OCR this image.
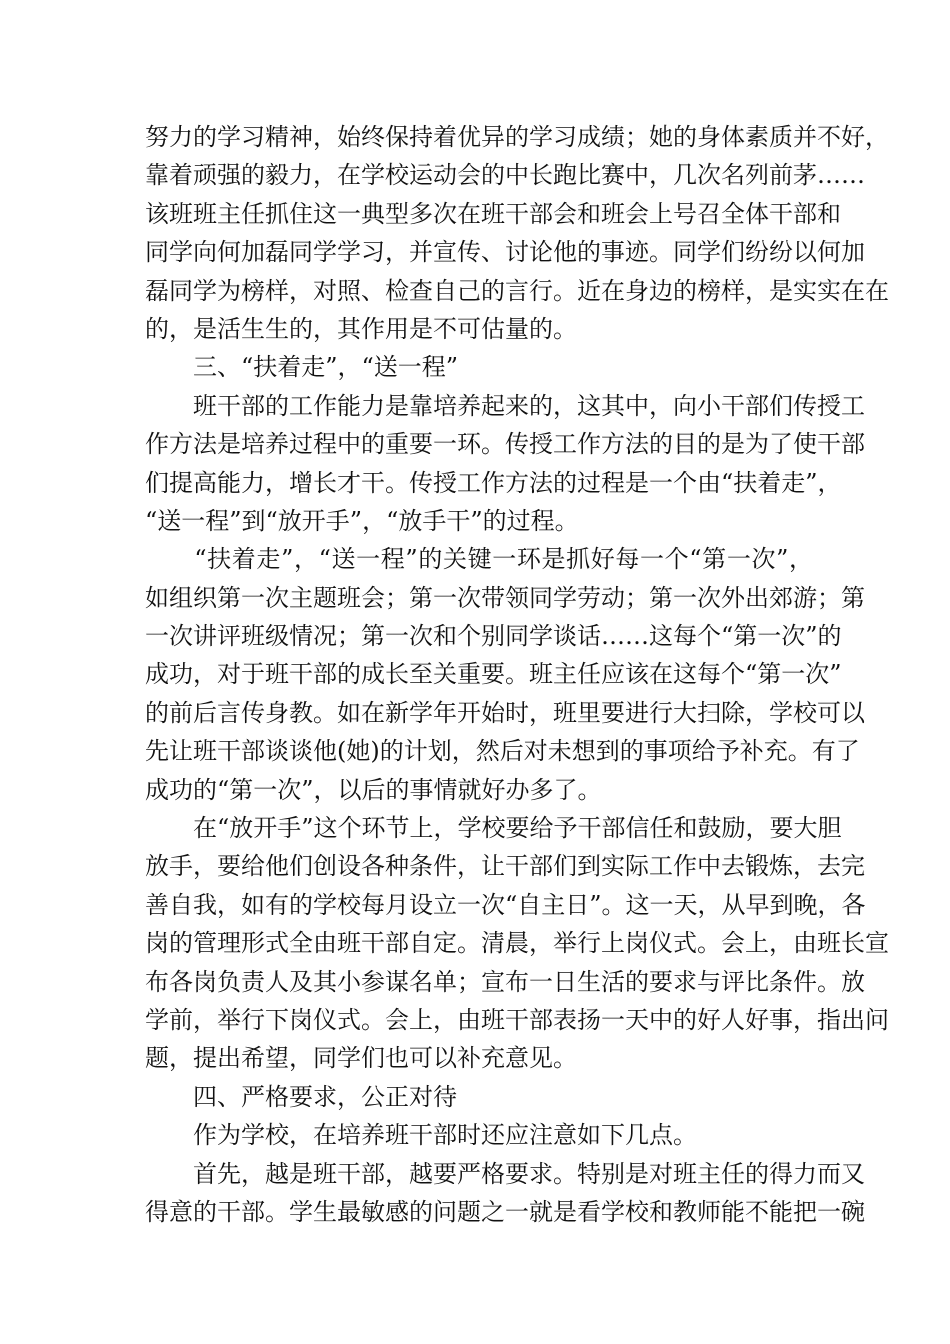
努力的学习精神，始终保持着优异的学习成绩；她的身体素质并不好，
靠着顽强的毅力，在学校运动会的中长跑比赛中，几次名列前茅……
该班班主任抓住这一典型多次在班干部会和班会上号召全体干部和
同学向何加磊同学学习，并宣传、讨论他的事迹。同学们纷纷以何加
磊同学为榜样，对照、检查自己的言行。近在身边的榜样，是实实在在
的，是活生生的，其作用是不可估量的。
　　三、“扶着走”，“送一程”
　　班干部的工作能力是靠培养起来的，这其中，向小干部们传授工
作方法是培养过程中的重要一环。传授工作方法的目的是为了使干部
们提高能力，增长才干。传授工作方法的过程是一个由“扶着走”，
“送一程”到“放开手”，“放手干”的过程。
　　“扶着走”，“送一程”的关键一环是抓好每一个“第一次”，
如组织第一次主题班会；第一次带领同学劳动；第一次外出郊游；第
一次讲评班级情况；第一次和个别同学谈话……这每个“第一次”的
成功，对于班干部的成长至关重要。班主任应该在这每个“第一次”
的前后言传身教。如在新学年开始时，班里要进行大扫除，学校可以
先让班干部谈谈他(她)的计划，然后对未想到的事项给予补充。有了
成功的“第一次”，以后的事情就好办多了。
　　在“放开手”这个环节上，学校要给予干部信任和鼓励，要大胆
放手，要给他们创设各种条件，让干部们到实际工作中去锻炼，去完
善自我，如有的学校每月设立一次“自主日”。这一天，从早到晚，各
岗的管理形式全由班干部自定。清晨，举行上岗仪式。会上，由班长宣
布各岗负责人及其小参谋名单；宣布一日生活的要求与评比条件。放
学前，举行下岗仪式。会上，由班干部表扬一天中的好人好事，指出问
题，提出希望，同学们也可以补充意见。
　　四、严格要求，公正对待
　　作为学校，在培养班干部时还应注意如下几点。
　　首先，越是班干部，越要严格要求。特别是对班主任的得力而又
得意的干部。学生最敏感的问题之一就是看学校和教师能不能把一碗
